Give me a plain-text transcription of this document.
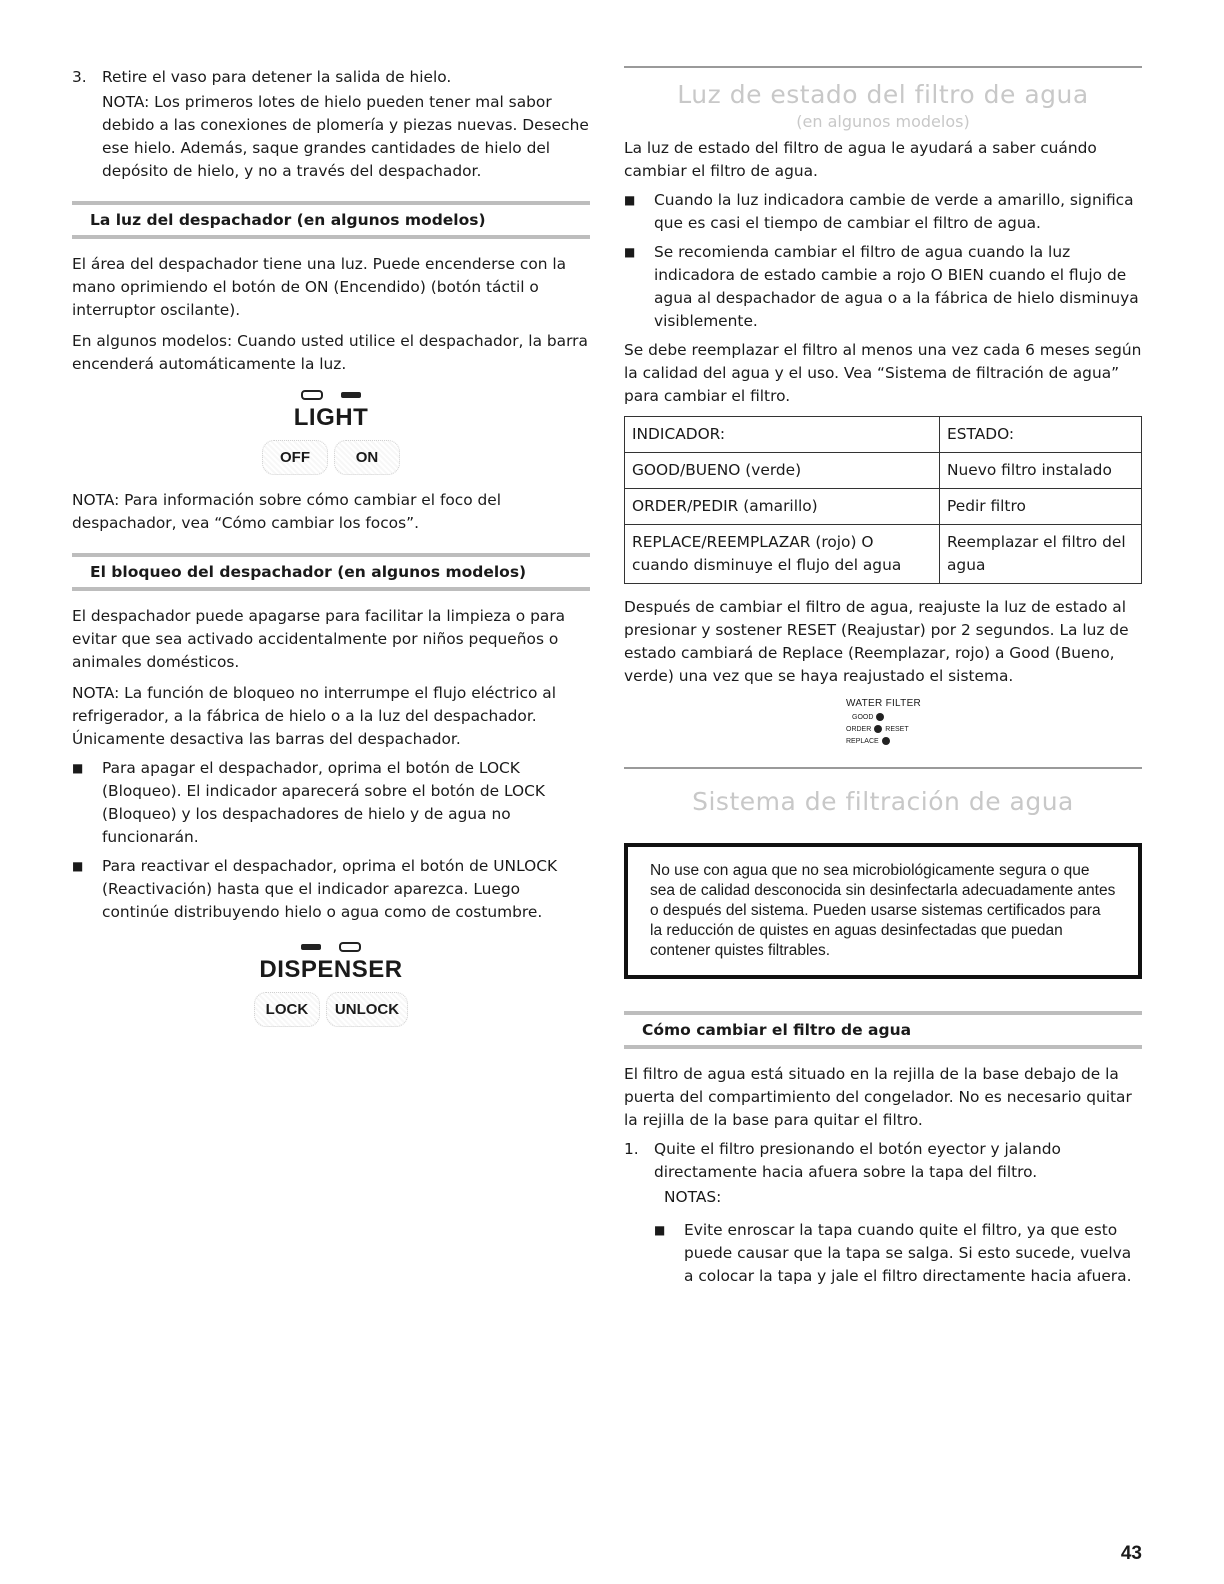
3. Retire el vaso para detener la salida de hielo.

NOTA: Los primeros lotes de hielo pueden tener mal sabor debido a las conexiones de plomería y piezas nuevas. Deseche ese hielo. Además, saque grandes cantidades de hielo del depósito de hielo, y no a través del despachador.

La luz del despachador (en algunos modelos)

El área del despachador tiene una luz. Puede encenderse con la mano oprimiendo el botón de ON (Encendido) (botón táctil o interruptor oscilante).

En algunos modelos: Cuando usted utilice el despachador, la barra encenderá automáticamente la luz.

LIGHT
OFF	ON

NOTA: Para información sobre cómo cambiar el foco del despachador, vea “Cómo cambiar los focos”.

El bloqueo del despachador (en algunos modelos)

El despachador puede apagarse para facilitar la limpieza o para evitar que sea activado accidentalmente por niños pequeños o animales domésticos.

NOTA: La función de bloqueo no interrumpe el flujo eléctrico al refrigerador, a la fábrica de hielo o a la luz del despachador. Únicamente desactiva las barras del despachador.

■	Para apagar el despachador, oprima el botón de LOCK (Bloqueo). El indicador aparecerá sobre el botón de LOCK (Bloqueo) y los despachadores de hielo y de agua no funcionarán.

■	Para reactivar el despachador, oprima el botón de UNLOCK (Reactivación) hasta que el indicador aparezca. Luego continúe distribuyendo hielo o agua como de costumbre.

DISPENSER
LOCK	UNLOCK
Luz de estado del filtro de agua
(en algunos modelos)

La luz de estado del filtro de agua le ayudará a saber cuándo cambiar el filtro de agua.

■	Cuando la luz indicadora cambie de verde a amarillo, significa que es casi el tiempo de cambiar el filtro de agua.

■	Se recomienda cambiar el filtro de agua cuando la luz indicadora de estado cambie a rojo O BIEN cuando el flujo de agua al despachador de agua o a la fábrica de hielo disminuya visiblemente.

Se debe reemplazar el filtro al menos una vez cada 6 meses según la calidad del agua y el uso. Vea “Sistema de filtración de agua” para cambiar el filtro.

INDICADOR:	ESTADO:
GOOD/BUENO (verde)	Nuevo filtro instalado
ORDER/PEDIR (amarillo)	Pedir filtro
REPLACE/REEMPLAZAR (rojo) O cuando disminuye el flujo del agua	Reemplazar el filtro del agua

Después de cambiar el filtro de agua, reajuste la luz de estado al presionar y sostener RESET (Reajustar) por 2 segundos. La luz de estado cambiará de Replace (Reemplazar, rojo) a Good (Bueno, verde) una vez que se haya reajustado el sistema.

WATER FILTER
GOOD
ORDER RESET
REPLACE
Sistema de filtración de agua
No use con agua que no sea microbiológicamente segura o que sea de calidad desconocida sin desinfectarla adecuadamente antes o después del sistema. Pueden usarse sistemas certificados para la reducción de quistes en aguas desinfectadas que puedan contener quistes filtrables.
Cómo cambiar el filtro de agua

El filtro de agua está situado en la rejilla de la base debajo de la puerta del compartimiento del congelador. No es necesario quitar la rejilla de la base para quitar el filtro.

1. Quite el filtro presionando el botón eyector y jalando directamente hacia afuera sobre la tapa del filtro.

NOTAS:

■	Evite enroscar la tapa cuando quite el filtro, ya que esto puede causar que la tapa se salga. Si esto sucede, vuelva a colocar la tapa y jale el filtro directamente hacia afuera.

43
